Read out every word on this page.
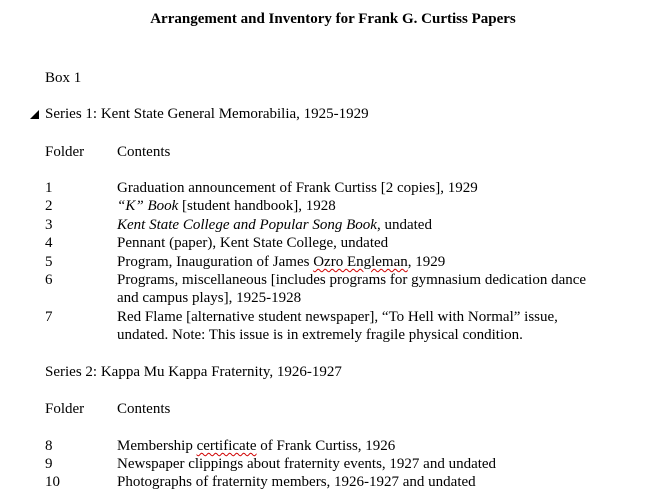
Arrangement and Inventory for Frank G. Curtiss Papers
Box 1
Series 1: Kent State General Memorabilia, 1925-1929
Folder Contents
1	Graduation announcement of Frank Curtiss [2 copies], 1929
2	“K” Book [student handbook], 1928
3	Kent State College and Popular Song Book, undated
4	Pennant (paper), Kent State College, undated
5	Program, Inauguration of James Ozro Engleman, 1929
6	Programs, miscellaneous [includes programs for gymnasium dedication dance
and campus plays], 1925-1928
7	Red Flame [alternative student newspaper], “To Hell with Normal” issue,
undated. Note: This issue is in extremely fragile physical condition.
Series 2: Kappa Mu Kappa Fraternity, 1926-1927
Folder Contents
8	Membership certificate of Frank Curtiss, 1926
9	Newspaper clippings about fraternity events, 1927 and undated
10	Photographs of fraternity members, 1926-1927 and undated
